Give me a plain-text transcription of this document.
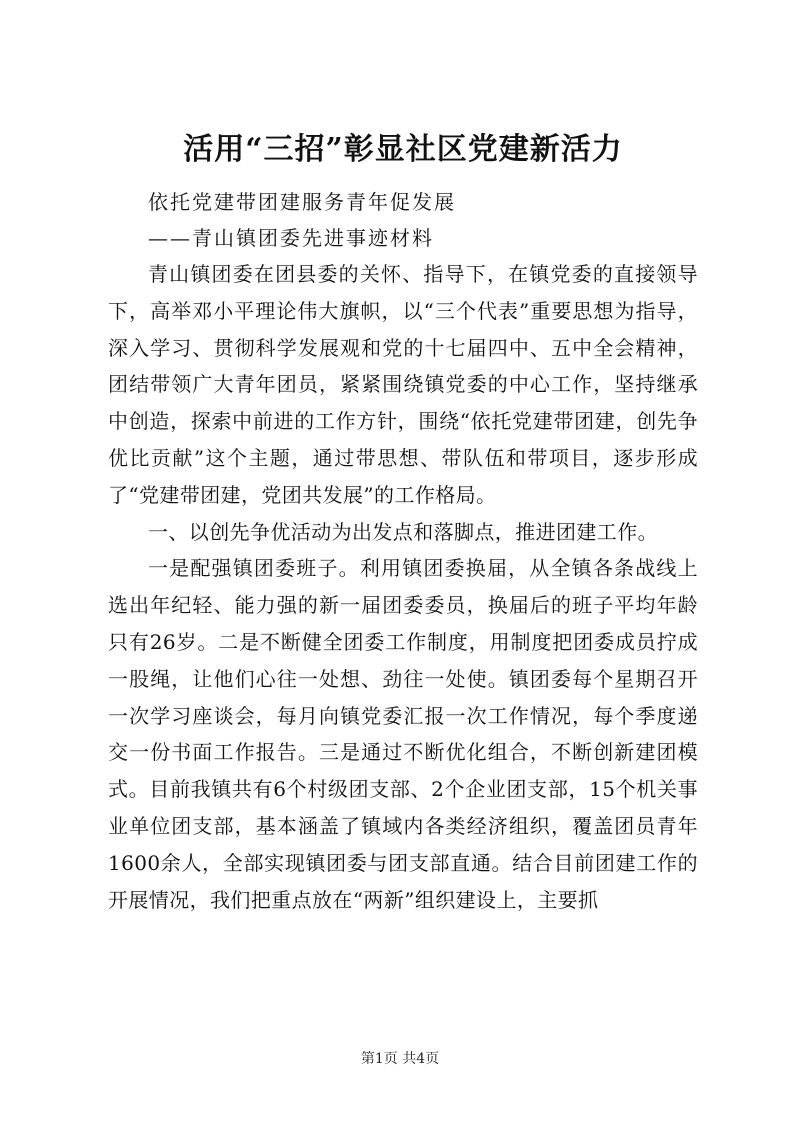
活用“三招”彰显社区党建新活力

依托党建带团建服务青年促发展

——青山镇团委先进事迹材料

青山镇团委在团县委的关怀、指导下，在镇党委的直接领导下，高举邓小平理论伟大旗帜，以“三个代表”重要思想为指导，深入学习、贯彻科学发展观和党的十七届四中、五中全会精神，团结带领广大青年团员，紧紧围绕镇党委的中心工作，坚持继承中创造，探索中前进的工作方针，围绕“依托党建带团建，创先争优比贡献”这个主题，通过带思想、带队伍和带项目，逐步形成了“党建带团建，党团共发展”的工作格局。

一、以创先争优活动为出发点和落脚点，推进团建工作。

一是配强镇团委班子。利用镇团委换届，从全镇各条战线上选出年纪轻、能力强的新一届团委委员，换届后的班子平均年龄只有26岁。二是不断健全团委工作制度，用制度把团委成员拧成一股绳，让他们心往一处想、劲往一处使。镇团委每个星期召开一次学习座谈会，每月向镇党委汇报一次工作情况，每个季度递交一份书面工作报告。三是通过不断优化组合，不断创新建团模式。目前我镇共有6个村级团支部、2个企业团支部，15个机关事业单位团支部，基本涵盖了镇域内各类经济组织，覆盖团员青年1600余人，全部实现镇团委与团支部直通。结合目前团建工作的开展情况，我们把重点放在“两新”组织建设上，主要抓

第1页 共4页
